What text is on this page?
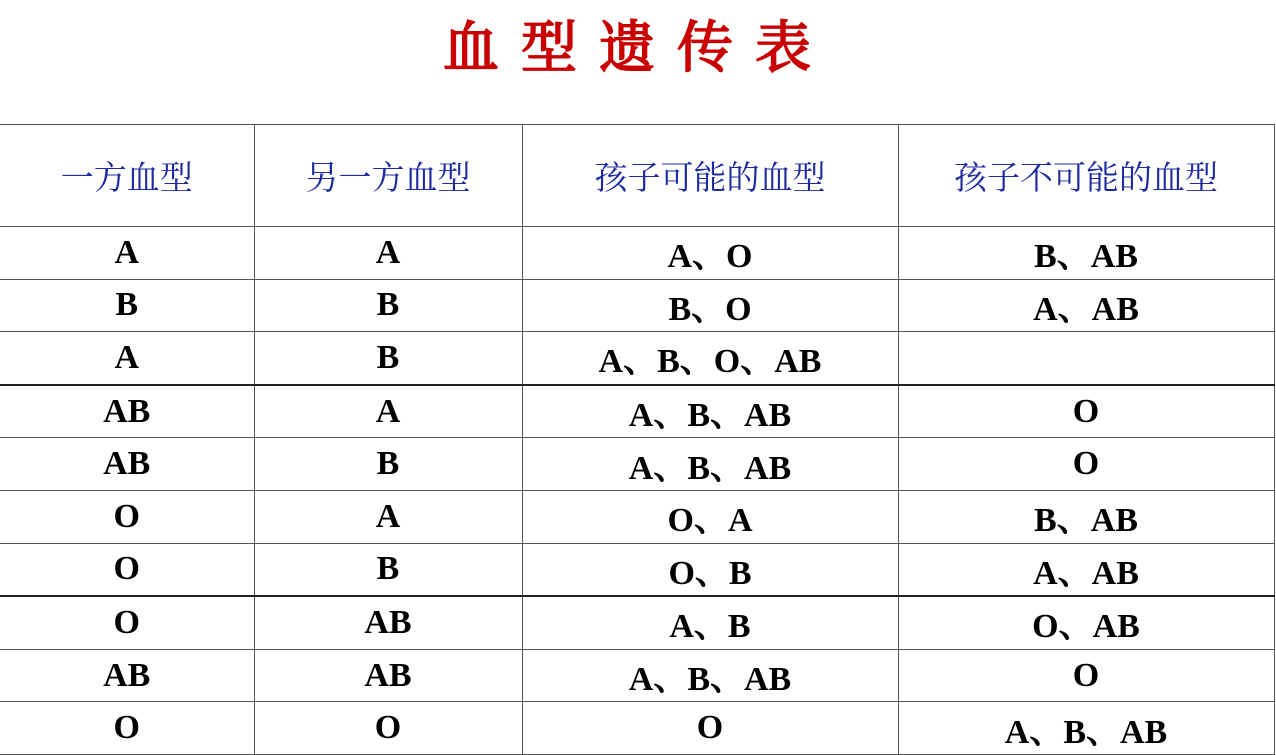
血型遗传表
一方血型	另一方血型	孩子可能的血型	孩子不可能的血型
A	A	A、O	B、AB
B	B	B、O	A、AB
A	B	A、B、O、AB	
AB	A	A、B、AB	O
AB	B	A、B、AB	O
O	A	O、A	B、AB
O	B	O、B	A、AB
O	AB	A、B	O、AB
AB	AB	A、B、AB	O
O	O	O	A、B、AB
